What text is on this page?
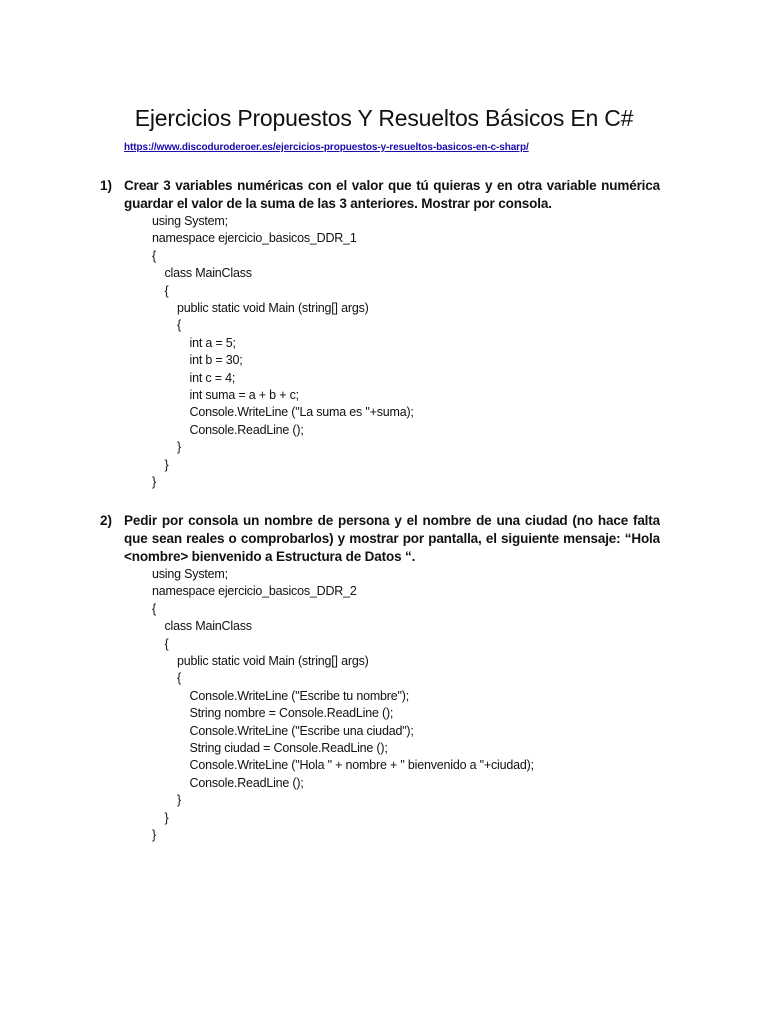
Ejercicios Propuestos Y Resueltos Básicos En C#
https://www.discoduroderoer.es/ejercicios-propuestos-y-resueltos-basicos-en-c-sharp/
1) Crear 3 variables numéricas con el valor que tú quieras y en otra variable numérica
guardar el valor de la suma de las 3 anteriores. Mostrar por consola.
using System;
namespace ejercicio_basicos_DDR_1
{
class MainClass
{
public static void Main (string[] args)
{
int a = 5;
int b = 30;
int c = 4;
int suma = a + b + c;
Console.WriteLine ("La suma es "+suma);
Console.ReadLine ();
}
}
}
2) Pedir por consola un nombre de persona y el nombre de una ciudad (no hace falta
que sean reales o comprobarlos) y mostrar por pantalla, el siguiente mensaje: “Hola
<nombre> bienvenido a Estructura de Datos “.
using System;
namespace ejercicio_basicos_DDR_2
{
class MainClass
{
public static void Main (string[] args)
{
Console.WriteLine ("Escribe tu nombre");
String nombre = Console.ReadLine ();
Console.WriteLine ("Escribe una ciudad");
String ciudad = Console.ReadLine ();
Console.WriteLine ("Hola " + nombre + " bienvenido a "+ciudad);
Console.ReadLine ();
}
}
}
